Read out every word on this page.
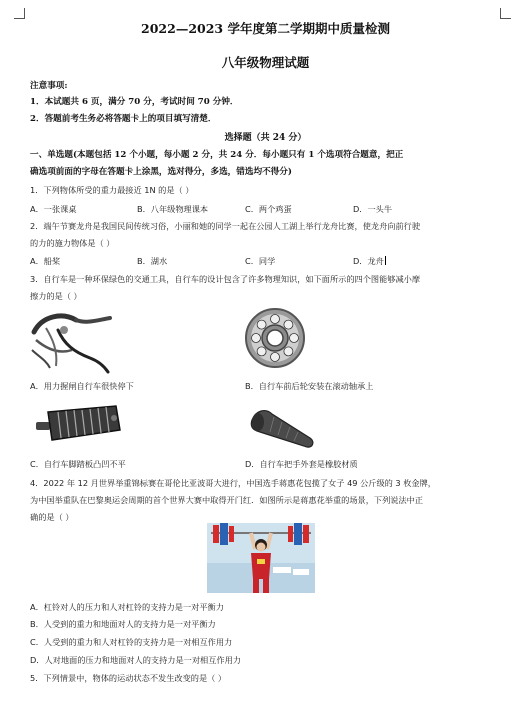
2022—2023 学年度第二学期期中质量检测
八年级物理试题
注意事项:
1．本试题共 6 页，满分 70 分，考试时间 70 分钟．
2．答题前考生务必将答题卡上的项目填写清楚．
选择题（共 24 分）
一、单选题(本题包括 12 个小题，每小题 2 分，共 24 分．每小题只有 1 个选项符合题意，把正
确选项前面的字母在答题卡上涂黑，选对得分，多选，错选均不得分)
1．下列物体所受的重力最接近 1N 的是（ ）
A．一张课桌	B．八年级物理课本	C．两个鸡蛋	D．一头牛
2．端午节赛龙舟是我国民间传统习俗，小丽和她的同学一起在公园人工湖上举行龙舟比赛，使龙舟向前行驶
的力的施力物体是（ ）
A．船桨	B．湖水	C．同学	D．龙舟
3．自行车是一种环保绿色的交通工具，自行车的设计包含了许多物理知识，如下面所示的四个图能够减小摩
擦力的是（ ）
A．用力握闸自行车很快停下	B．自行车前后轮安装在滚动轴承上
C．自行车脚踏板凸凹不平	D．自行车把手外套是橡胶材质
4．2022 年 12 月世界举重锦标赛在哥伦比亚波哥大进行，中国选手蒋惠花包揽了女子 49 公斤级的 3 枚金牌，
为中国举重队在巴黎奥运会周期的首个世界大赛中取得开门红．如图所示是蒋惠花举重的场景，下列说法中正
确的是（ ）
A．杠铃对人的压力和人对杠铃的支持力是一对平衡力
B．人受到的重力和地面对人的支持力是一对平衡力
C．人受到的重力和人对杠铃的支持力是一对相互作用力
D．人对地面的压力和地面对人的支持力是一对相互作用力
5．下列情景中，物体的运动状态不发生改变的是（ ）
